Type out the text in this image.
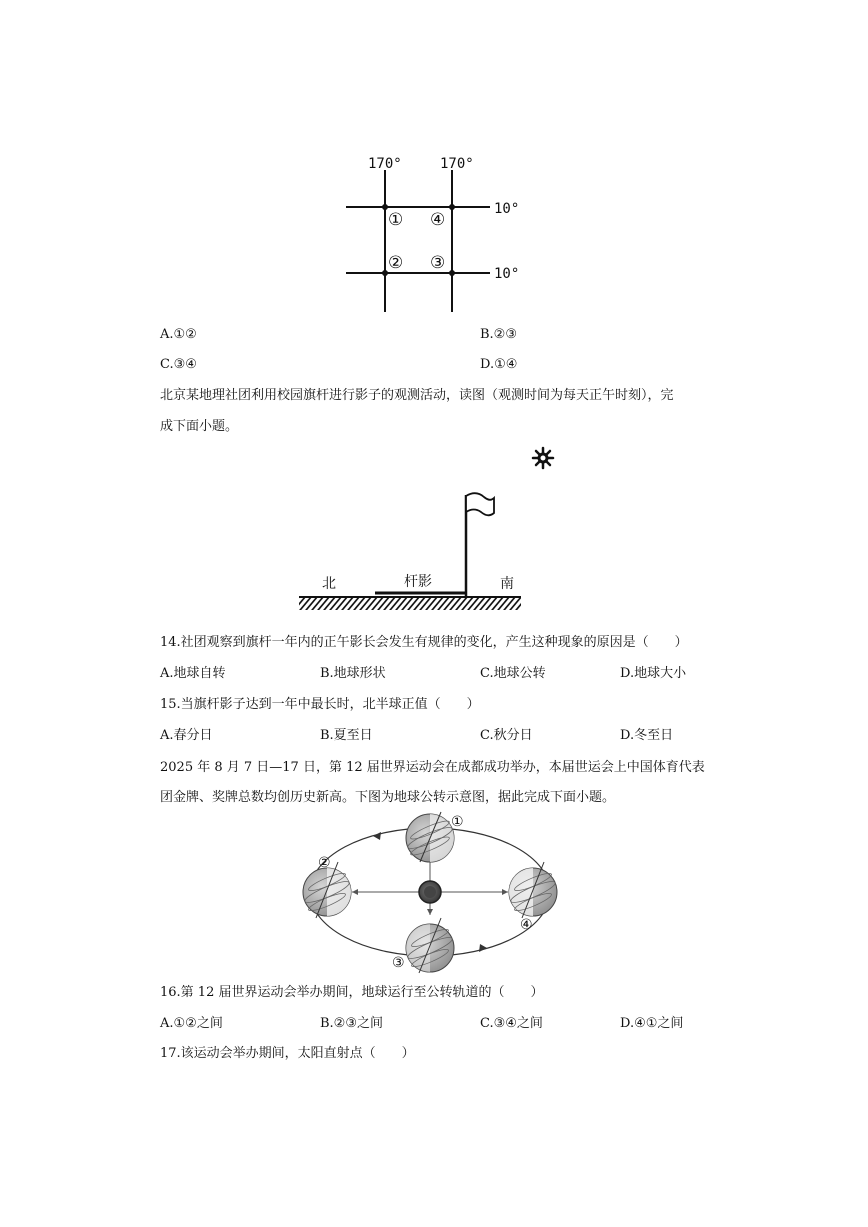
170°	170°
10°
10°
① ④
② ③
A.①②	B.②③
C.③④	D.①④
北京某地理社团利用校园旗杆进行影子的观测活动，读图（观测时间为每天正午时刻），完
成下面小题。
北	杆影	南
14.社团观察到旗杆一年内的正午影长会发生有规律的变化，产生这种现象的原因是（　　）
A.地球自转	B.地球形状	C.地球公转	D.地球大小
15.当旗杆影子达到一年中最长时，北半球正值（　　）
A.春分日	B.夏至日	C.秋分日	D.冬至日
2025 年 8 月 7 日—17 日，第 12 届世界运动会在成都成功举办，本届世运会上中国体育代表
团金牌、奖牌总数均创历史新高。下图为地球公转示意图，据此完成下面小题。
①
②
③
④
16.第 12 届世界运动会举办期间，地球运行至公转轨道的（　　）
A.①②之间	B.②③之间	C.③④之间	D.④①之间
17.该运动会举办期间，太阳直射点（　　）
